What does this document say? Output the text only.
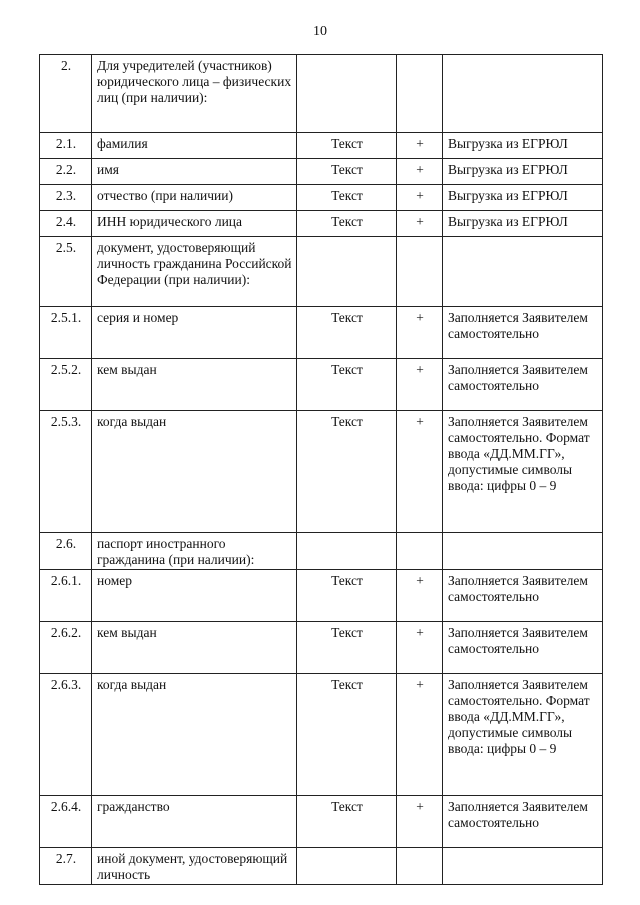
10
2.	Для учредителей (участников) юридического лица – физических лиц (при наличии):			
2.1.	фамилия	Текст	+	Выгрузка из ЕГРЮЛ
2.2.	имя	Текст	+	Выгрузка из ЕГРЮЛ
2.3.	отчество (при наличии)	Текст	+	Выгрузка из ЕГРЮЛ
2.4.	ИНН юридического лица	Текст	+	Выгрузка из ЕГРЮЛ
2.5.	документ, удостоверяющий личность гражданина Российской Федерации (при наличии):			
2.5.1.	серия и номер	Текст	+	Заполняется Заявителем самостоятельно
2.5.2.	кем выдан	Текст	+	Заполняется Заявителем самостоятельно
2.5.3.	когда выдан	Текст	+	Заполняется Заявителем самостоятельно. Формат ввода «ДД.ММ.ГГ», допустимые символы ввода: цифры 0 – 9
2.6.	паспорт иностранного гражданина (при наличии):			
2.6.1.	номер	Текст	+	Заполняется Заявителем самостоятельно
2.6.2.	кем выдан	Текст	+	Заполняется Заявителем самостоятельно
2.6.3.	когда выдан	Текст	+	Заполняется Заявителем самостоятельно. Формат ввода «ДД.ММ.ГГ», допустимые символы ввода: цифры 0 – 9
2.6.4.	гражданство	Текст	+	Заполняется Заявителем самостоятельно
2.7.	иной документ, удостоверяющий личность			
